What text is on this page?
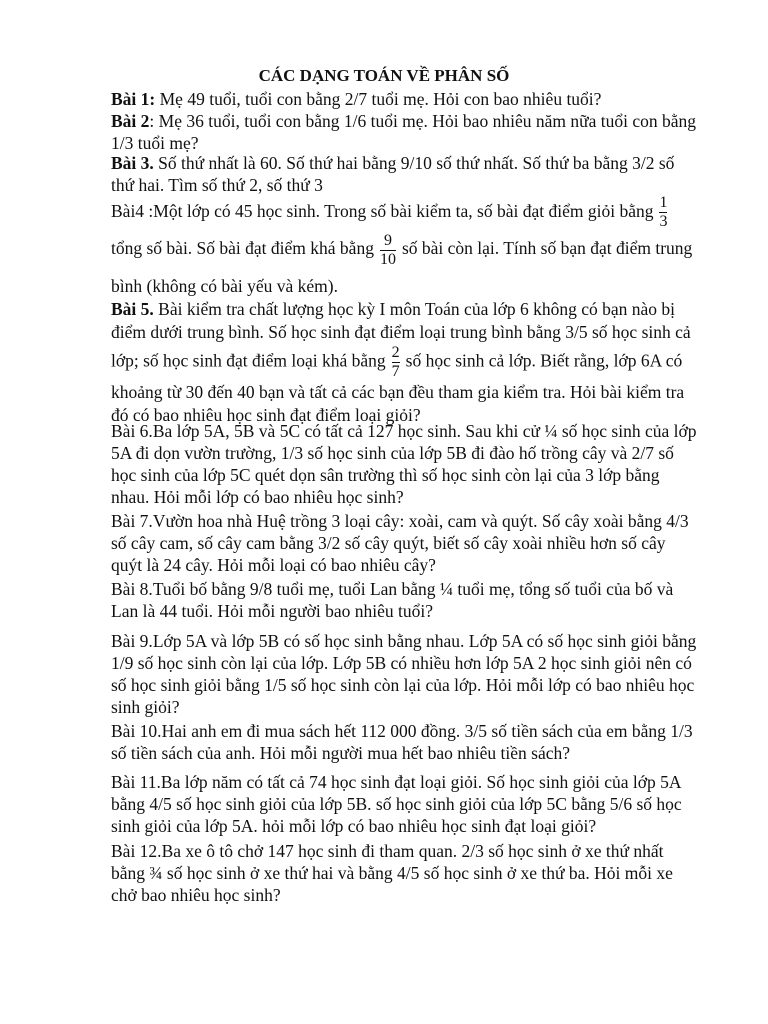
CÁC DẠNG TOÁN VỀ PHÂN SỐ
Bài 1: Mẹ 49 tuổi, tuổi con bằng 2/7 tuổi mẹ. Hỏi con bao nhiêu tuổi?
Bài 2: Mẹ 36 tuổi, tuổi con bằng 1/6 tuổi mẹ. Hỏi bao nhiêu năm nữa tuổi con bằng 1/3 tuổi mẹ?
Bài 3. Số thứ nhất là 60. Số thứ hai bằng 9/10 số thứ nhất. Số thứ ba bằng 3/2 số thứ hai. Tìm số thứ 2, số thứ 3
Bài4 :Một lớp có 45 học sinh. Trong số bài kiểm ta, số bài đạt điểm giỏi bằng $\frac{1}{3}$
tổng số bài. Số bài đạt điểm khá bằng $\frac{9}{10}$ số bài còn lại. Tính số bạn đạt điểm trung bình (không có bài yếu và kém).
Bài 5. Bài kiểm tra chất lượng học kỳ I môn Toán của lớp 6 không có bạn nào bị điểm dưới trung bình. Số học sinh đạt điểm loại trung bình bằng 3/5 số học sinh cả lớp; số học sinh đạt điểm loại khá bằng $\frac{2}{7}$ số học sinh cả lớp. Biết rằng, lớp 6A có khoảng từ 30 đến 40 bạn và tất cả các bạn đều tham gia kiểm tra. Hỏi bài kiểm tra đó có bao nhiêu học sinh đạt điểm loại giỏi?
Bài 6.Ba lớp 5A, 5B và 5C có tất cả 127 học sinh. Sau khi cử ¼ số học sinh của lớp 5A đi dọn vườn trường, 1/3 số học sinh của lớp 5B đi đào hố trồng cây và 2/7 số học sinh của lớp 5C quét dọn sân trường thì số học sinh còn lại của 3 lớp bằng nhau. Hỏi mỗi lớp có bao nhiêu học sinh?
Bài 7.Vườn hoa nhà Huệ trồng 3 loại cây: xoài, cam và quýt. Số cây xoài bằng 4/3 số cây cam, số cây cam bằng 3/2 số cây quýt, biết số cây xoài nhiều hơn số cây quýt là 24 cây. Hỏi mỗi loại có bao nhiêu cây?
Bài 8.Tuổi bố bằng 9/8 tuổi mẹ, tuổi Lan bằng ¼ tuổi mẹ, tổng số tuổi của bố và Lan là 44 tuổi. Hỏi mỗi người bao nhiêu tuổi?
Bài 9.Lớp 5A và lớp 5B có số học sinh bằng nhau. Lớp 5A có số học sinh giỏi bằng 1/9 số học sinh còn lại của lớp. Lớp 5B có nhiều hơn lớp 5A 2 học sinh giỏi nên có số học sinh giỏi bằng 1/5 số học sinh còn lại của lớp. Hỏi mỗi lớp có bao nhiêu học sinh giỏi?
Bài 10.Hai anh em đi mua sách hết 112 000 đồng. 3/5 số tiền sách của em bằng 1/3 số tiền sách của anh. Hỏi mỗi người mua hết bao nhiêu tiền sách?
Bài 11.Ba lớp năm có tất cả 74 học sinh đạt loại giỏi. Số học sinh giỏi của lớp 5A bằng 4/5 số học sinh giỏi của lớp 5B. số học sinh giỏi của lớp 5C bằng 5/6 số học sinh giỏi của lớp 5A. hỏi mỗi lớp có bao nhiêu học sinh đạt loại giỏi?
Bài 12.Ba xe ô tô chở 147 học sinh đi tham quan. 2/3 số học sinh ở xe thứ nhất bằng ¾ số học sinh ở xe thứ hai và bằng 4/5 số học sinh ở xe thứ ba. Hỏi mỗi xe chở bao nhiêu học sinh?
